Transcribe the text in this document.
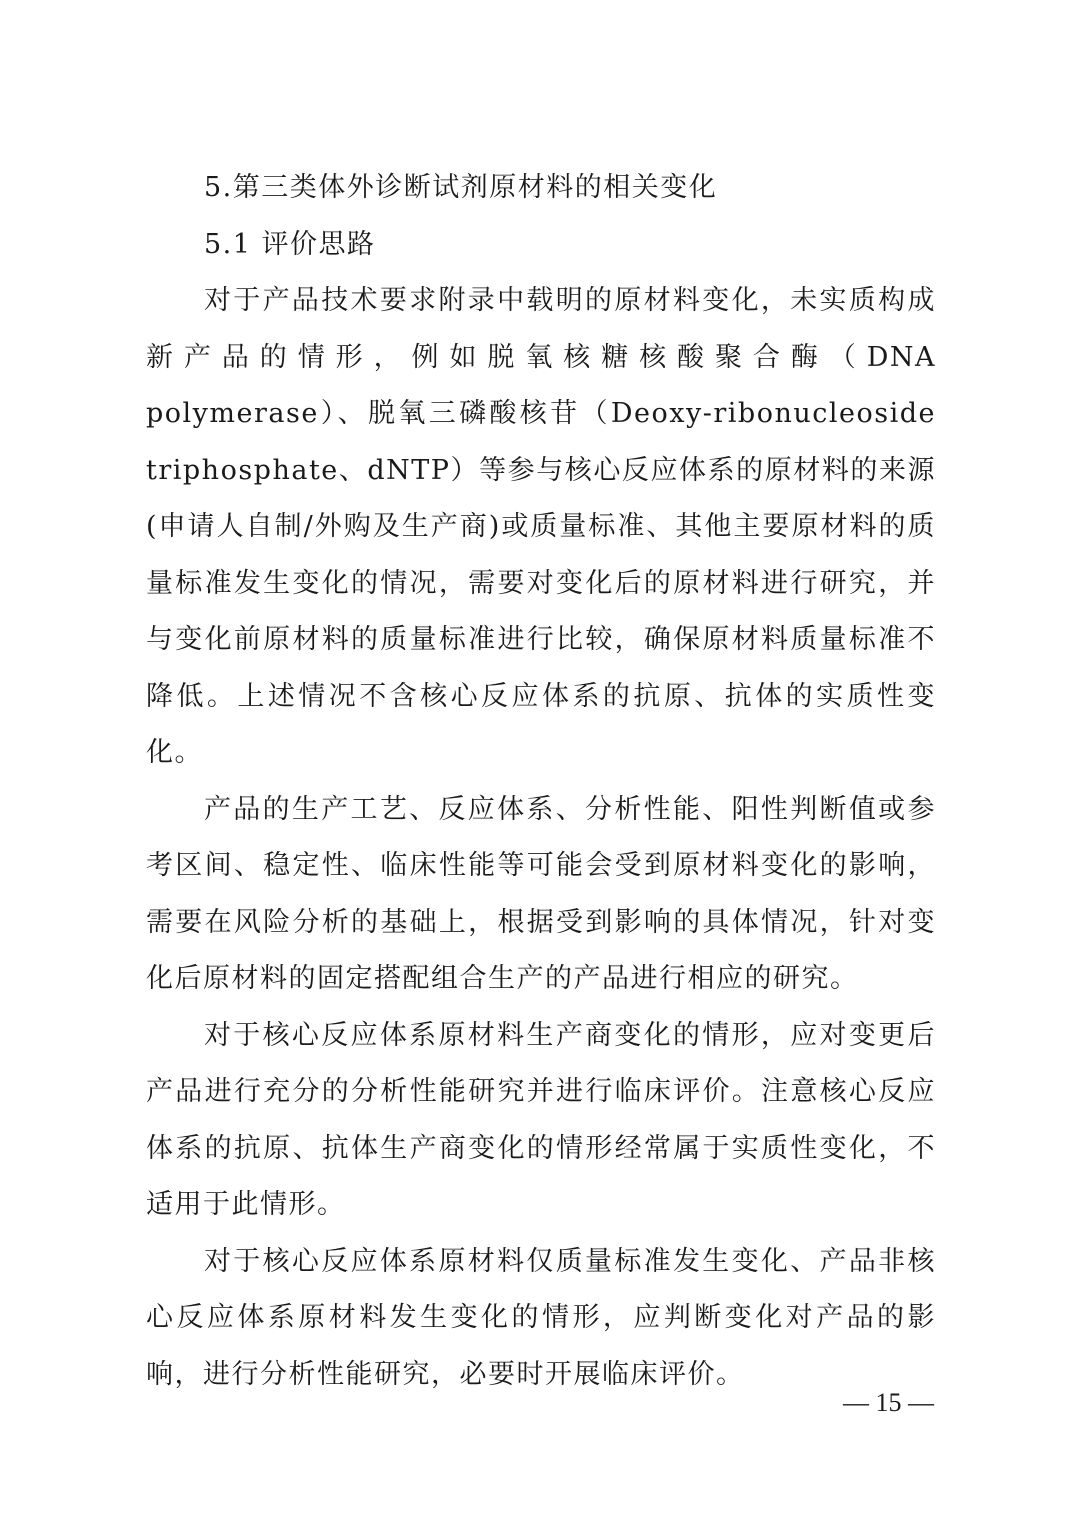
5.第三类体外诊断试剂原材料的相关变化
5.1 评价思路

对于产品技术要求附录中载明的原材料变化，未实质构成新产品的情形，例如脱氧核糖核酸聚合酶（DNA polymerase）、脱氧三磷酸核苷（Deoxy-ribonucleoside triphosphate、dNTP）等参与核心反应体系的原材料的来源(申请人自制/外购及生产商)或质量标准、其他主要原材料的质量标准发生变化的情况，需要对变化后的原材料进行研究，并与变化前原材料的质量标准进行比较，确保原材料质量标准不降低。上述情况不含核心反应体系的抗原、抗体的实质性变化。

产品的生产工艺、反应体系、分析性能、阳性判断值或参考区间、稳定性、临床性能等可能会受到原材料变化的影响，需要在风险分析的基础上，根据受到影响的具体情况，针对变化后原材料的固定搭配组合生产的产品进行相应的研究。

对于核心反应体系原材料生产商变化的情形，应对变更后产品进行充分的分析性能研究并进行临床评价。注意核心反应体系的抗原、抗体生产商变化的情形经常属于实质性变化，不适用于此情形。

对于核心反应体系原材料仅质量标准发生变化、产品非核心反应体系原材料发生变化的情形，应判断变化对产品的影响，进行分析性能研究，必要时开展临床评价。

— 15 —
